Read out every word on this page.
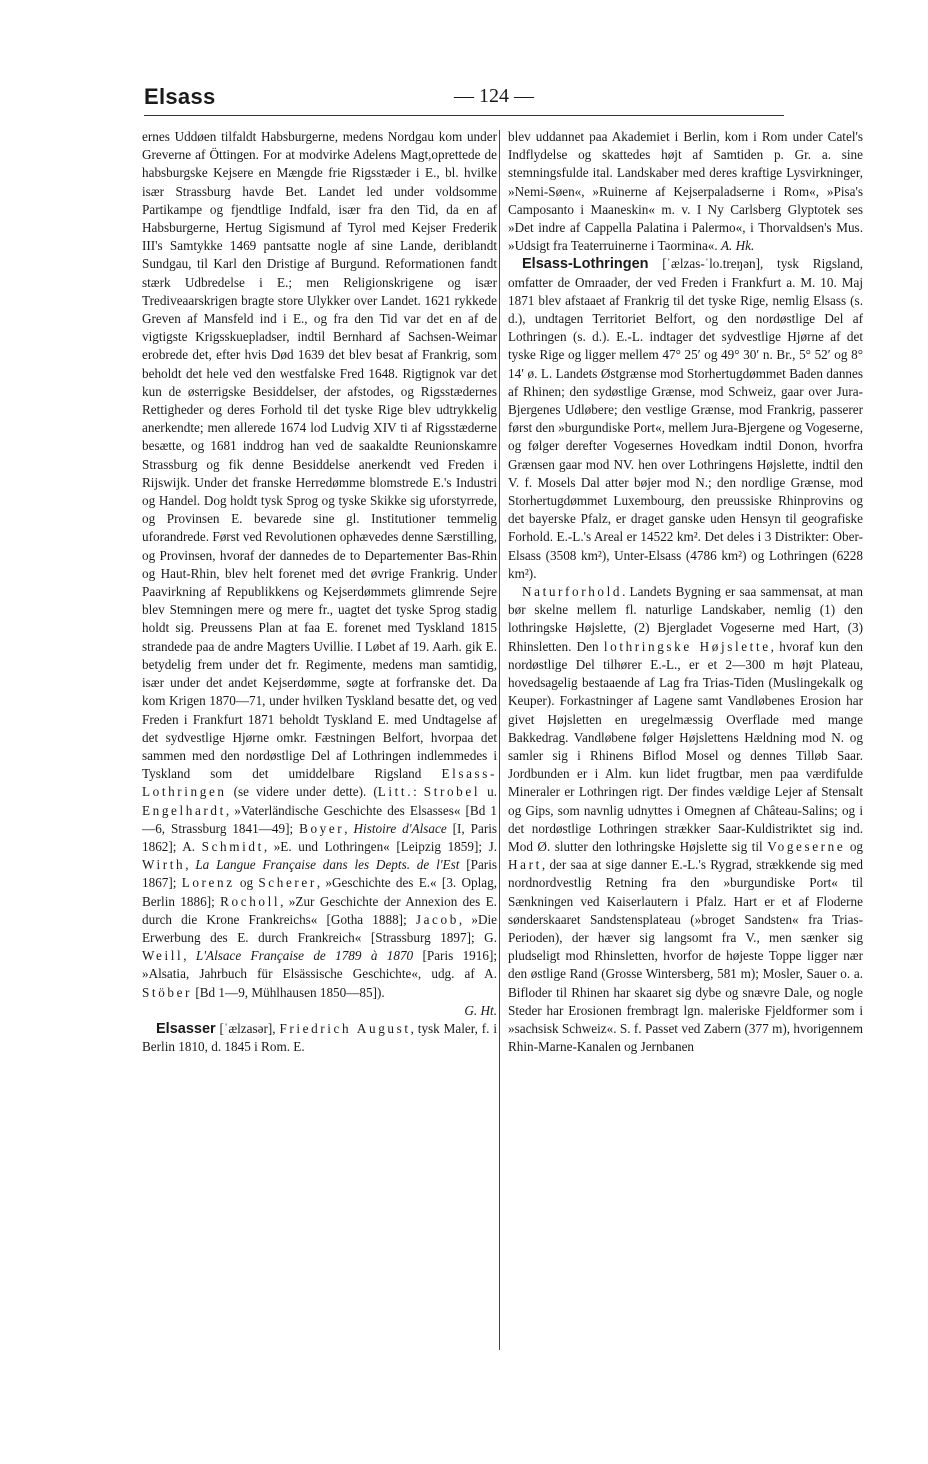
Elsass	— 124 —

ernes Uddøen tilfaldt Habsburgerne, medens Nordgau kom under Greverne af Öttingen. For at modvirke Adelens Magt,oprettede de habsburgske Kejsere en Mængde frie Rigsstæder i E., bl. hvilke især Strassburg havde Bet. Landet led under voldsomme Partikampe og fjendtlige Indfald, især fra den Tid, da en af Habsburgerne, Hertug Sigismund af Tyrol med Kejser Frederik III's Samtykke 1469 pantsatte nogle af sine Lande, deriblandt Sundgau, til Karl den Dristige af Burgund. Reformationen fandt stærk Udbredelse i E.; men Religionskrigene og især Trediveaarskrigen bragte store Ulykker over Landet. 1621 rykkede Greven af Mansfeld ind i E., og fra den Tid var det en af de vigtigste Krigsskuepladser, indtil Bernhard af Sachsen-Weimar erobrede det, efter hvis Død 1639 det blev besat af Frankrig, som beholdt det hele ved den westfalske Fred 1648. Rigtignok var det kun de østerrigske Besiddelser, der afstodes, og Rigsstædernes Rettigheder og deres Forhold til det tyske Rige blev udtrykkelig anerkendte; men allerede 1674 lod Ludvig XIV ti af Rigsstæderne besætte, og 1681 inddrog han ved de saakaldte Reunionskamre Strassburg og fik denne Besiddelse anerkendt ved Freden i Rijswijk. Under det franske Herredømme blomstrede E.'s Industri og Handel. Dog holdt tysk Sprog og tyske Skikke sig uforstyrrede, og Provinsen E. bevarede sine gl. Institutioner temmelig uforandrede. Først ved Revolutionen ophævedes denne Særstilling, og Provinsen, hvoraf der dannedes de to Departementer Bas-Rhin og Haut-Rhin, blev helt forenet med det øvrige Frankrig. Under Paavirkning af Republikkens og Kejserdømmets glimrende Sejre blev Stemningen mere og mere fr., uagtet det tyske Sprog stadig holdt sig. Preussens Plan at faa E. forenet med Tyskland 1815 strandede paa de andre Magters Uvillie. I Løbet af 19. Aarh. gik E. betydelig frem under det fr. Regimente, medens man samtidig, især under det andet Kejserdømme, søgte at forfranske det. Da kom Krigen 1870—71, under hvilken Tyskland besatte det, og ved Freden i Frankfurt 1871 beholdt Tyskland E. med Undtagelse af det sydvestlige Hjørne omkr. Fæstningen Belfort, hvorpaa det sammen med den nordøstlige Del af Lothringen indlemmedes i Tyskland som det umiddelbare Rigsland Elsass-Lothringen (se videre under dette). (Litt.: Strobel u. Engelhardt, »Vaterländische Geschichte des Elsasses« [Bd 1—6, Strassburg 1841—49]; Boyer, Histoire d'Alsace [I, Paris 1862]; A. Schmidt, »E. und Lothringen« [Leipzig 1859]; J. Wirth, La Langue Française dans les Depts. de l'Est [Paris 1867]; Lorenz og Scherer, »Geschichte des E.« [3. Oplag, Berlin 1886]; Rocholl, »Zur Geschichte der Annexion des E. durch die Krone Frankreichs« [Gotha 1888]; Jacob, »Die Erwerbung des E. durch Frankreich« [Strassburg 1897]; G. Weill, L'Alsace Française de 1789 à 1870 [Paris 1916]; »Alsatia, Jahrbuch für Elsässische Geschichte«, udg. af A. Stöber [Bd 1—9, Mühlhausen 1850—85]).

G. Ht.

Elsasser [ˈælzasər], Friedrich August, tysk Maler, f. i Berlin 1810, d. 1845 i Rom. E.

blev uddannet paa Akademiet i Berlin, kom i Rom under Catel's Indflydelse og skattedes højt af Samtiden p. Gr. a. sine stemningsfulde ital. Landskaber med deres kraftige Lysvirkninger, »Nemi-Søen«, »Ruinerne af Kejserpaladserne i Rom«, »Pisa's Camposanto i Maaneskin« m. v. I Ny Carlsberg Glyptotek ses »Det indre af Cappella Palatina i Palermo«, i Thorvaldsen's Mus. »Udsigt fra Teaterruinerne i Taormina«. A. Hk.

Elsass-Lothringen [ˈælzas-ˈlo.treŋən], tysk Rigsland, omfatter de Omraader, der ved Freden i Frankfurt a. M. 10. Maj 1871 blev afstaaet af Frankrig til det tyske Rige, nemlig Elsass (s. d.), undtagen Territoriet Belfort, og den nordøstlige Del af Lothringen (s. d.). E.-L. indtager det sydvestlige Hjørne af det tyske Rige og ligger mellem 47° 25′ og 49° 30′ n. Br., 5° 52′ og 8° 14′ ø. L. Landets Østgrænse mod Storhertugdømmet Baden dannes af Rhinen; den sydøstlige Grænse, mod Schweiz, gaar over Jura-Bjergenes Udløbere; den vestlige Grænse, mod Frankrig, passerer først den »burgundiske Port«, mellem Jura-Bjergene og Vogeserne, og følger derefter Vogesernes Hovedkam indtil Donon, hvorfra Grænsen gaar mod NV. hen over Lothringens Højslette, indtil den V. f. Mosels Dal atter bøjer mod N.; den nordlige Grænse, mod Storhertugdømmet Luxembourg, den preussiske Rhinprovins og det bayerske Pfalz, er draget ganske uden Hensyn til geografiske Forhold. E.-L.'s Areal er 14522 km². Det deles i 3 Distrikter: Ober-Elsass (3508 km²), Unter-Elsass (4786 km²) og Lothringen (6228 km²).

Naturforhold. Landets Bygning er saa sammensat, at man bør skelne mellem fl. naturlige Landskaber, nemlig (1) den lothringske Højslette, (2) Bjergladet Vogeserne med Hart, (3) Rhinsletten. Den lothringske Højslette, hvoraf kun den nordøstlige Del tilhører E.-L., er et 2—300 m højt Plateau, hovedsagelig bestaaende af Lag fra Trias-Tiden (Muslingekalk og Keuper). Forkastninger af Lagene samt Vandløbenes Erosion har givet Højsletten en uregelmæssig Overflade med mange Bakkedrag. Vandløbene følger Højslettens Hældning mod N. og samler sig i Rhinens Biflod Mosel og dennes Tilløb Saar. Jordbunden er i Alm. kun lidet frugtbar, men paa værdifulde Mineraler er Lothringen rigt. Der findes vældige Lejer af Stensalt og Gips, som navnlig udnyttes i Omegnen af Château-Salins; og i det nordøstlige Lothringen strækker Saar-Kuldistriktet sig ind. Mod Ø. slutter den lothringske Højslette sig til Vogeserne og Hart, der saa at sige danner E.-L.'s Rygrad, strækkende sig med nordnordvestlig Retning fra den »burgundiske Port« til Sænkningen ved Kaiserlautern i Pfalz. Hart er et af Floderne sønderskaaret Sandstensplateau (»broget Sandsten« fra Trias-Perioden), der hæver sig langsomt fra V., men sænker sig pludseligt mod Rhinsletten, hvorfor de højeste Toppe ligger nær den østlige Rand (Grosse Wintersberg, 581 m); Mosler, Sauer o. a. Bifloder til Rhinen har skaaret sig dybe og snævre Dale, og nogle Steder har Erosionen frembragt lgn. maleriske Fjeldformer som i »sachsisk Schweiz«. S. f. Passet ved Zabern (377 m), hvorigennem Rhin-Marne-Kanalen og Jernbanen
